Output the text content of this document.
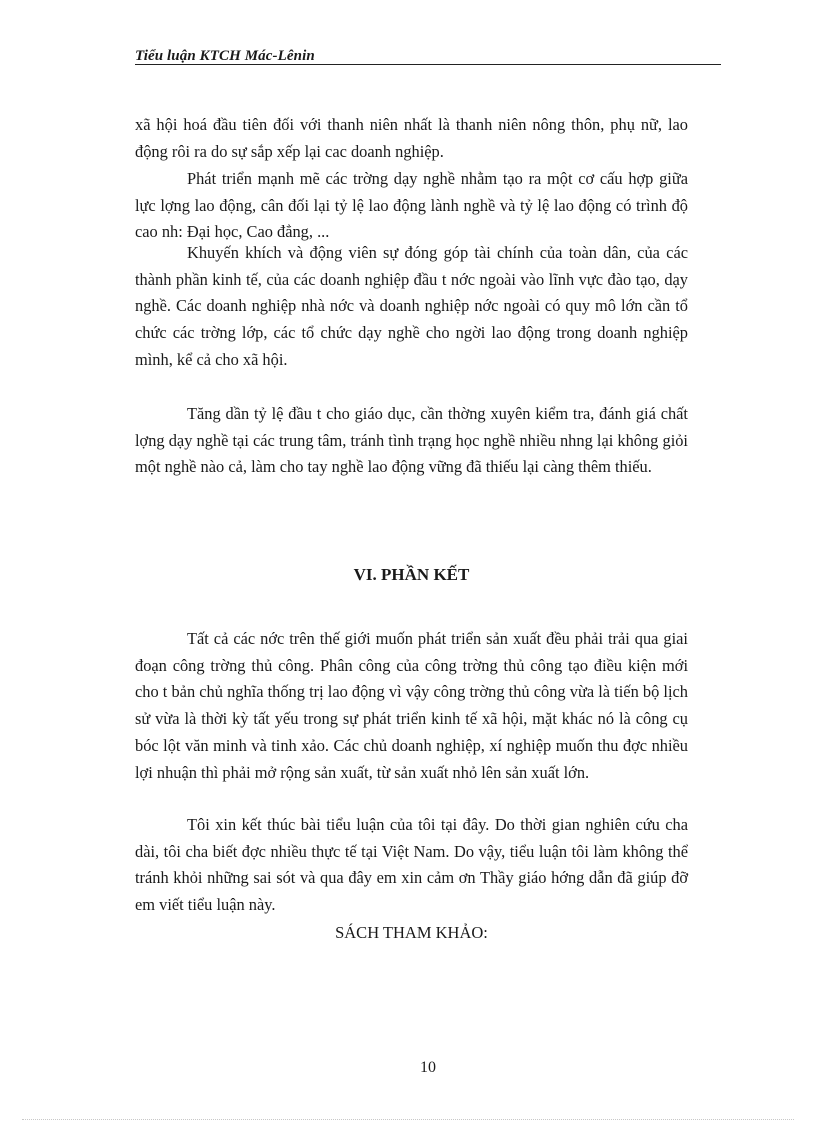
Tiểu luận KTCH Mác-Lênin

xã hội hoá đầu tiên đối với thanh niên nhất là thanh niên nông thôn, phụ nữ, lao động rôi ra do sự sắp xếp lại cac doanh nghiệp.

Phát triển mạnh mẽ các trờng dạy nghề nhằm tạo ra một cơ cấu hợp giữa lực lợng lao động, cân đối lại tỷ lệ lao động lành nghề và tỷ lệ lao động có trình độ cao nh: Đại học, Cao đẳng, ...

Khuyến khích và động viên sự đóng góp tài chính của toàn dân, của các thành phần kinh tế, của các doanh nghiệp đầu t nớc ngoài vào lĩnh vực đào tạo, dạy nghề. Các doanh nghiệp nhà nớc và doanh nghiệp nớc ngoài có quy mô lớn cần tổ chức các trờng lớp, các tổ chức dạy nghề cho ngời lao động trong doanh nghiệp mình, kể cả cho xã hội.

Tăng dần tỷ lệ đầu t cho giáo dục, cần thờng xuyên kiểm tra, đánh giá chất lợng dạy nghề tại các trung tâm, tránh tình trạng học nghề nhiều nhng lại không giỏi một nghề nào cả, làm cho tay nghề lao động vững đã thiếu lại càng thêm thiếu.

VI. PHẦN KẾT

Tất cả các nớc trên thế giới muốn phát triển sản xuất đều phải trải qua giai đoạn công trờng thủ công. Phân công của công trờng thủ công tạo điều kiện mới cho t bản chủ nghĩa thống trị lao động vì vậy công trờng thủ công vừa là tiến bộ lịch sử vừa là thời kỳ tất yếu trong sự phát triển kinh tế xã hội, mặt khác nó là công cụ bóc lột văn minh và tinh xảo. Các chủ doanh nghiệp, xí nghiệp muốn thu đợc nhiều lợi nhuận thì phải mở rộng sản xuất, từ sản xuất nhỏ lên sản xuất lớn.

Tôi xin kết thúc bài tiểu luận của tôi tại đây. Do thời gian nghiên cứu cha dài, tôi cha biết đợc nhiều thực tế tại Việt Nam. Do vậy, tiểu luận tôi làm không thể tránh khỏi những sai sót và qua đây em xin cảm ơn Thầy giáo hớng dẫn đã giúp đỡ em viết tiểu luận này.

SÁCH THAM KHẢO:
10
